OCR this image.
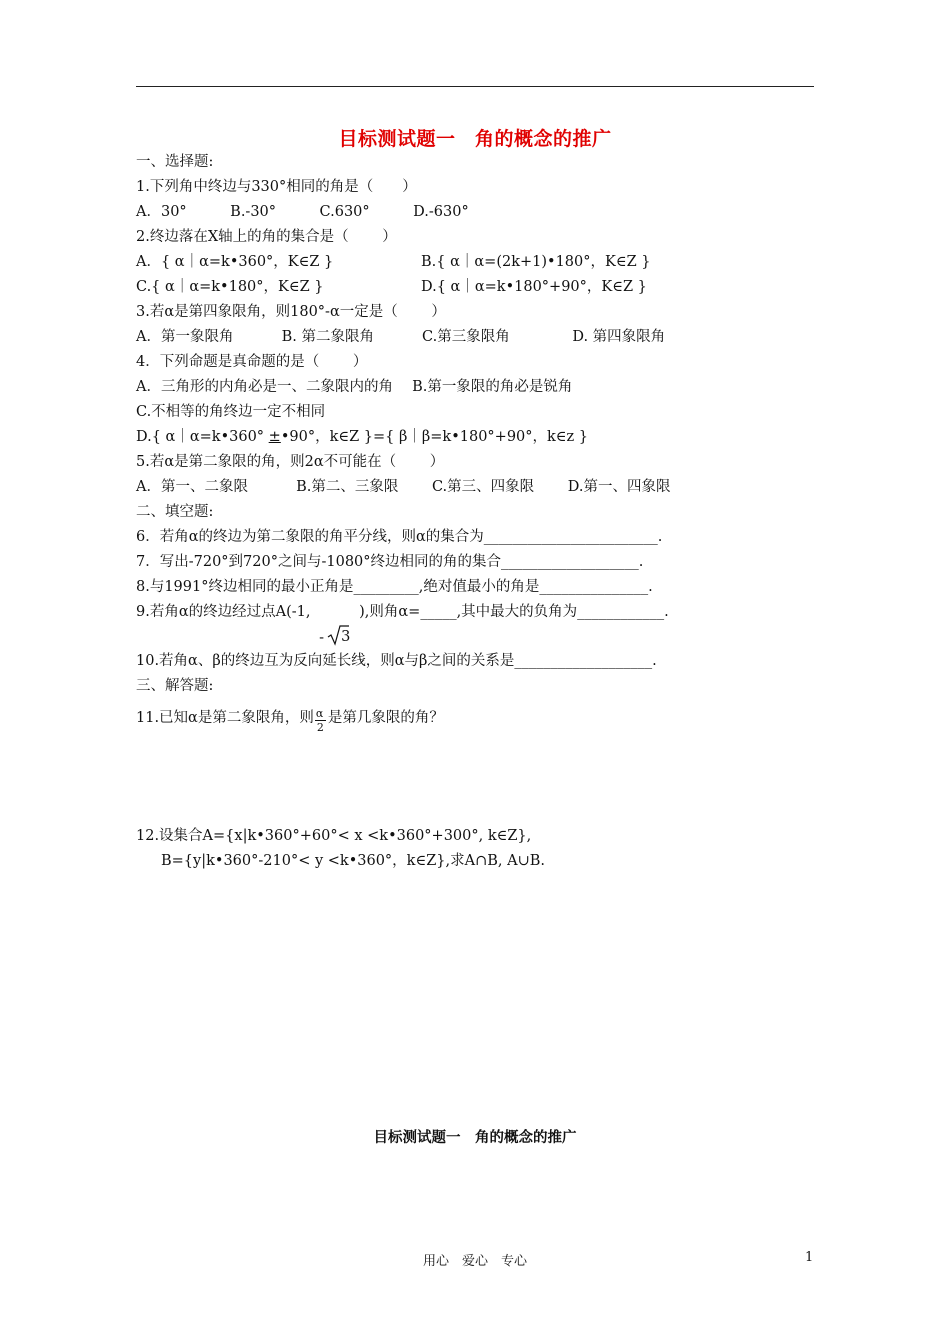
目标测试题一　角的概念的推广
一、选择题:
1.下列角中终边与330°相同的角是（　　）
A．30°　　　B.-30°　　　C.630°　　　D.-630°
2.终边落在X轴上的角的集合是（　　 ）
A．{ α｜α=k•360°，K∈Z }	B.{ α｜α=(2k+1)•180°，K∈Z }
C.{ α｜α=k•180°，K∈Z }	D.{ α｜α=k•180°+90°，K∈Z }
3.若α是第四象限角，则180°-α一定是（　　 ）
A．第一象限角　　　 B. 第二象限角　　　 C.第三象限角　　　 　D. 第四象限角
4．下列命题是真命题的是（　　 ）
A．三角形的内角必是一、二象限内的角　 B.第一象限的角必是锐角
C.不相等的角终边一定不相同
D.{ α｜α=k•360° ±•90°，k∈Z }={ β｜β=k•180°+90°，k∈z }
5.若α是第二象限的角，则2α不可能在（　　 ）
A．第一、二象限　　　 B.第二、三象限　　 C.第三、四象限　　 D.第一、四象限
二、填空题:
6．若角α的终边为第二象限的角平分线，则α的集合为________________________.
7．写出-720°到720°之间与-1080°终边相同的角的集合___________________.
8.与1991°终边相同的最小正角是_________,绝对值最小的角是_______________.
9.若角α的终边经过点A(-1,
- 3
),则角α=_____,其中最大的负角为____________.
10.若角α、β的终边互为反向延长线，则α与β之间的关系是___________________.
三、解答题:
11.已知α是第二象限角，则 $\frac{\alpha}{2}$ 是第几象限的角？
12.设集合A={x|k•360°+60°< x <k•360°+300°, k∈Z},
B={y|k•360°-210°< y <k•360°，k∈Z},求A∩B, A∪B.
目标测试题一　角的概念的推广
用心　爱心　专心	1
